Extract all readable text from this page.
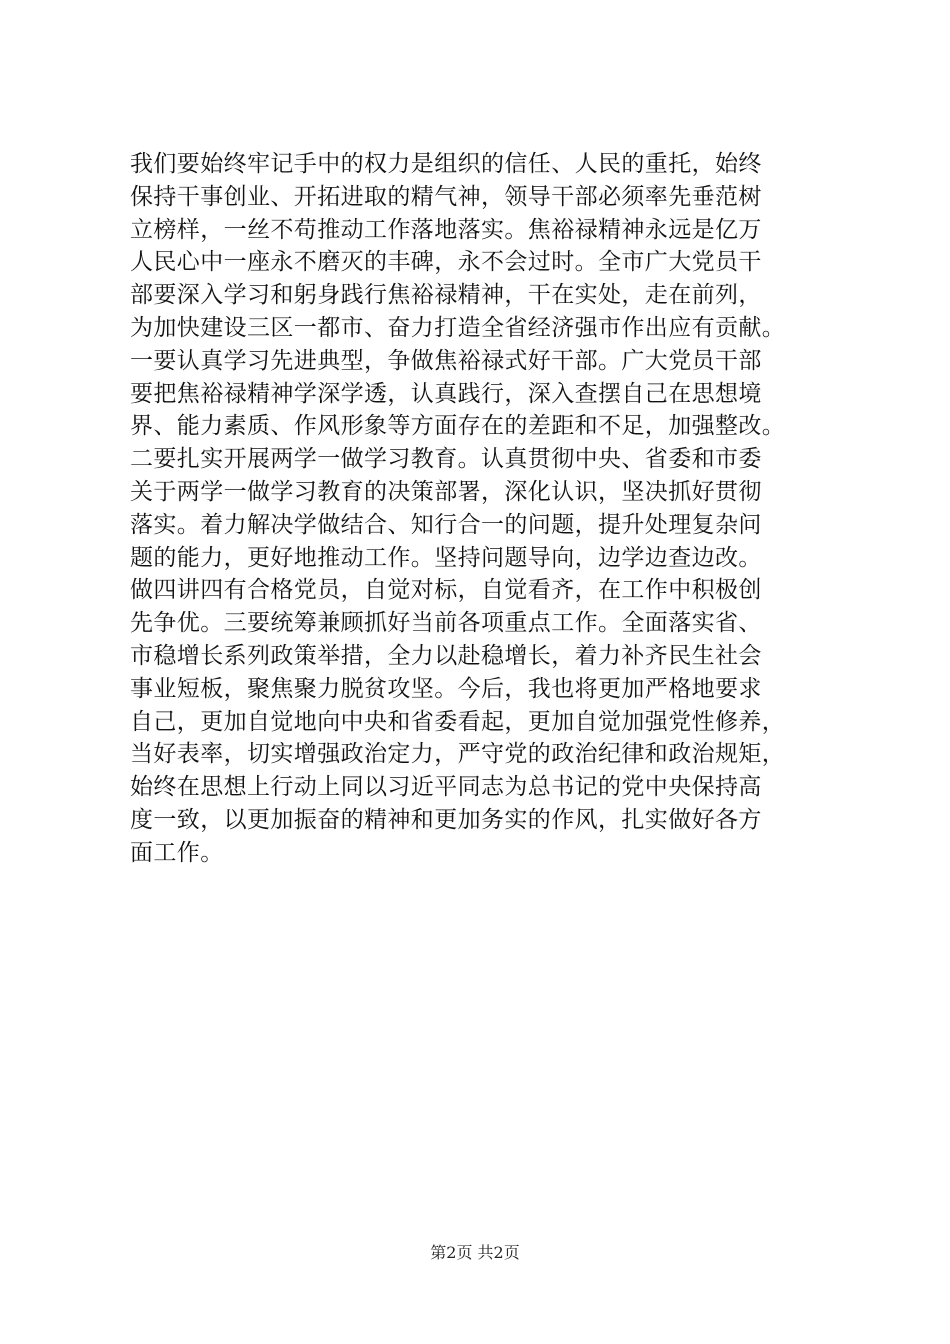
我们要始终牢记手中的权力是组织的信任、人民的重托，始终
保持干事创业、开拓进取的精气神，领导干部必须率先垂范树
立榜样，一丝不苟推动工作落地落实。焦裕禄精神永远是亿万
人民心中一座永不磨灭的丰碑，永不会过时。全市广大党员干
部要深入学习和躬身践行焦裕禄精神，干在实处，走在前列，
为加快建设三区一都市、奋力打造全省经济强市作出应有贡献。
一要认真学习先进典型，争做焦裕禄式好干部。广大党员干部
要把焦裕禄精神学深学透，认真践行，深入查摆自己在思想境
界、能力素质、作风形象等方面存在的差距和不足，加强整改。
二要扎实开展两学一做学习教育。认真贯彻中央、省委和市委
关于两学一做学习教育的决策部署，深化认识，坚决抓好贯彻
落实。着力解决学做结合、知行合一的问题，提升处理复杂问
题的能力，更好地推动工作。坚持问题导向，边学边查边改。
做四讲四有合格党员，自觉对标，自觉看齐，在工作中积极创
先争优。三要统筹兼顾抓好当前各项重点工作。全面落实省、
市稳增长系列政策举措，全力以赴稳增长，着力补齐民生社会
事业短板，聚焦聚力脱贫攻坚。今后，我也将更加严格地要求
自己，更加自觉地向中央和省委看起，更加自觉加强党性修养，
当好表率，切实增强政治定力，严守党的政治纪律和政治规矩，
始终在思想上行动上同以习近平同志为总书记的党中央保持高
度一致，以更加振奋的精神和更加务实的作风，扎实做好各方
面工作。
第2页 共2页
